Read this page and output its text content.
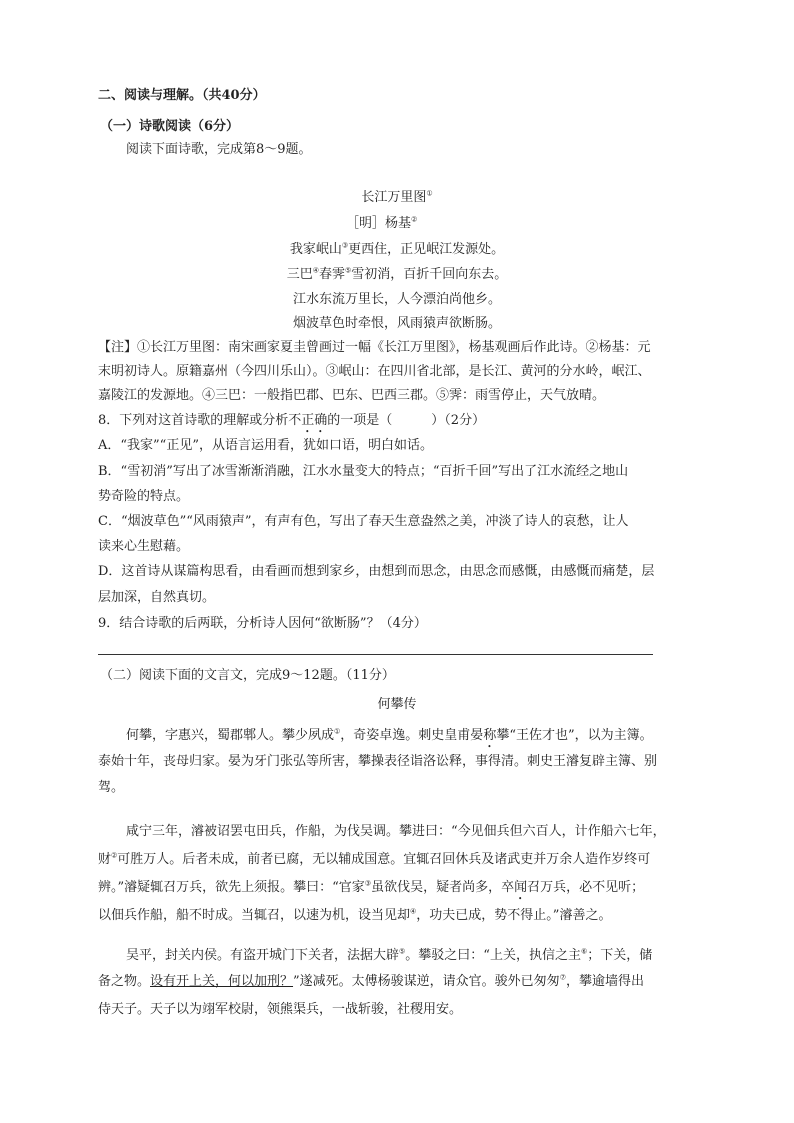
二、阅读与理解。（共40分）
（一）诗歌阅读（6分）
阅读下面诗歌，完成第8～9题。
长江万里图①
［明］杨基②
我家岷山③更西住，正见岷江发源处。
三巴④春霁⑤雪初消，百折千回向东去。
江水东流万里长，人今漂泊尚他乡。
烟波草色时牵恨，风雨猿声欲断肠。
【注】①长江万里图：南宋画家夏圭曾画过一幅《长江万里图》，杨基观画后作此诗。②杨基：元
末明初诗人。原籍嘉州（今四川乐山）。③岷山：在四川省北部，是长江、黄河的分水岭，岷江、
嘉陵江的发源地。④三巴：一般指巴郡、巴东、巴西三郡。⑤霁：雨雪停止，天气放晴。
8．下列对这首诗歌的理解或分析不正确的一项是（　　　）（2分）
A．“我家”“正见”，从语言运用看，犹如口语，明白如话。
B．“雪初消”写出了冰雪渐渐消融，江水水量变大的特点；“百折千回”写出了江水流经之地山
势奇险的特点。
C．“烟波草色”“风雨猿声”，有声有色，写出了春天生意盎然之美，冲淡了诗人的哀愁，让人
读来心生慰藉。
D．这首诗从谋篇构思看，由看画而想到家乡，由想到而思念，由思念而感慨，由感慨而痛楚，层
层加深，自然真切。
9．结合诗歌的后两联，分析诗人因何“欲断肠”？（4分）
（二）阅读下面的文言文，完成9～12题。（11分）
何攀传
何攀，字惠兴，蜀郡郫人。攀少夙成①，奇姿卓逸。刺史皇甫晏称攀“王佐才也”，以为主簿。
泰始十年，丧母归家。晏为牙门张弘等所害，攀操表径诣洛讼释，事得清。刺史王濬复辟主簿、别
驾。
咸宁三年，濬被诏罢屯田兵，作船，为伐吴调。攀进曰：“今见佃兵但六百人，计作船六七年，
财②可胜万人。后者未成，前者已腐，无以辅成国意。宜辄召回休兵及诸武吏并万余人造作岁终可
辨。”濬疑辄召万兵，欲先上须报。攀曰：“官家③虽欲伐吴，疑者尚多，卒闻召万兵，必不见听；
以佃兵作船，船不时成。当辄召，以速为机，设当见却④，功夫已成，势不得止。”濬善之。
吴平，封关内侯。有盗开城门下关者，法据大辟⑤。攀驳之曰：“上关，执信之主⑥；下关，储
备之物。设有开上关，何以加刑？”遂减死。太傅杨骏谋逆，请众官。骏外已匆匆⑦，攀逾墙得出
侍天子。天子以为翊军校尉，领熊渠兵，一战斩骏，社稷用安。
